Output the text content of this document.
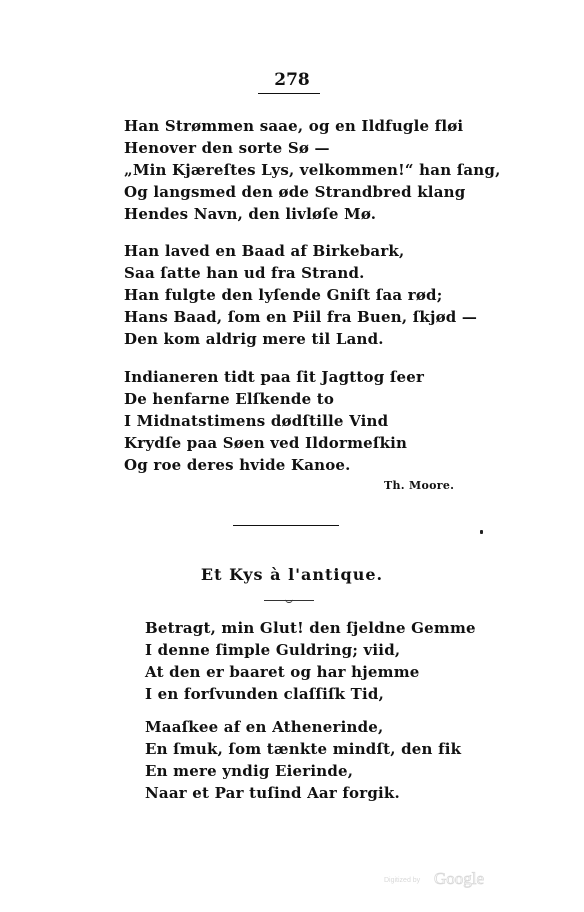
278
Han Strømmen saae, og en Ildfugle fløi
Henover den sorte Sø —
„Min Kjæreſtes Lys, velkommen!“ han ſang,
Og langsmed den øde Strandbred klang
Hendes Navn, den livløſe Mø.
Han laved en Baad af Birkebark,
Saa ſatte han ud fra Strand.
Han fulgte den lyſende Gniſt ſaa rød;
Hans Baad, ſom en Piil fra Buen, ſkjød —
Den kom aldrig mere til Land.
Indianeren tidt paa ſit Jagttog ſeer
De henfarne Elſkende to
I Midnatstimens dødſtille Vind
Krydſe paa Søen ved Ildormeſkin
Og roe deres hvide Kanoe.
Th. Moore.
Et Kys à l'antique.
Betragt, min Glut! den ſjeldne Gemme
I denne ſimple Guldring; viid,
At den er baaret og har hjemme
I en forſvunden claſſiſk Tid,
Maaſkee af en Athenerinde,
En ſmuk, ſom tænkte mindſt, den fik
En mere yndig Eierinde,
Naar et Par tuſind Aar forgik.
Digitized by Google
